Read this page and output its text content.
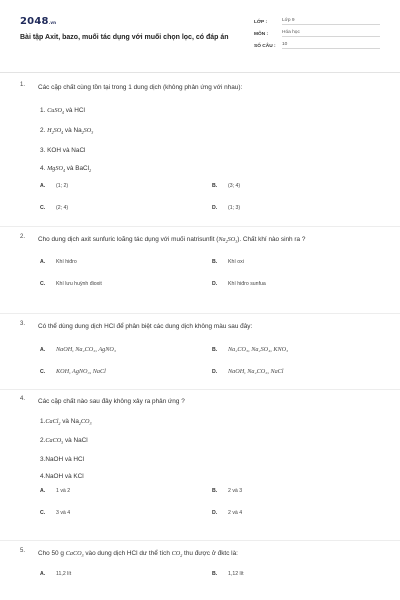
2048.vn
Bài tập Axit, bazo, muối tác dụng với muối chọn lọc, có đáp án
LỚP :	Lớp 9
MÔN :	Hóa học
SỐ CÂU :	10
1. Các cặp chất cùng tồn tại trong 1 dung dịch (không phản ứng với nhau):
1. CuSO$_4$ và HCl
2. $H_2SO_4$ và $Na_2SO_3$
3. KOH và NaCl
4. MgSO$_4$ và BaCl$_2$
A. (1; 2)	B. (3; 4)
C. (2; 4)	D. (1; 3)
2. Cho dung dịch axit sunfuric loãng tác dụng với muối natrisunfit $(Na_2SO_3)$. Chất khí nào sinh ra ?
A. Khí hiđro	B. Khí oxi
C. Khí lưu huỳnh đioxit	D. Khí hiđro sunfua
3. Có thể dùng dung dịch HCl để phân biệt các dung dịch không màu sau đây:
A. NaOH, Na₂CO₃, AgNO₃	B. Na₂CO₃, Na₂SO₄, KNO₃
C. KOH, AgNO₃, NaCl	D. NaOH, Na₂CO₃, NaCl
4. Các cặp chất nào sau đây không xảy ra phản ứng ?
1.CaCl$_2$ và $Na_2CO_3$
2.CaCO$_3$ và NaCl
3.NaOH và HCl
4.NaOH và KCl
A. 1 và 2	B. 2 và 3
C. 3 và 4	D. 2 và 4
5. Cho 50 g CaCO$_3$ vào dung dịch HCl dư thể tích $CO_2$ thu được ở đktc là:
A. 11,2 lít	B. 1,12 lít
